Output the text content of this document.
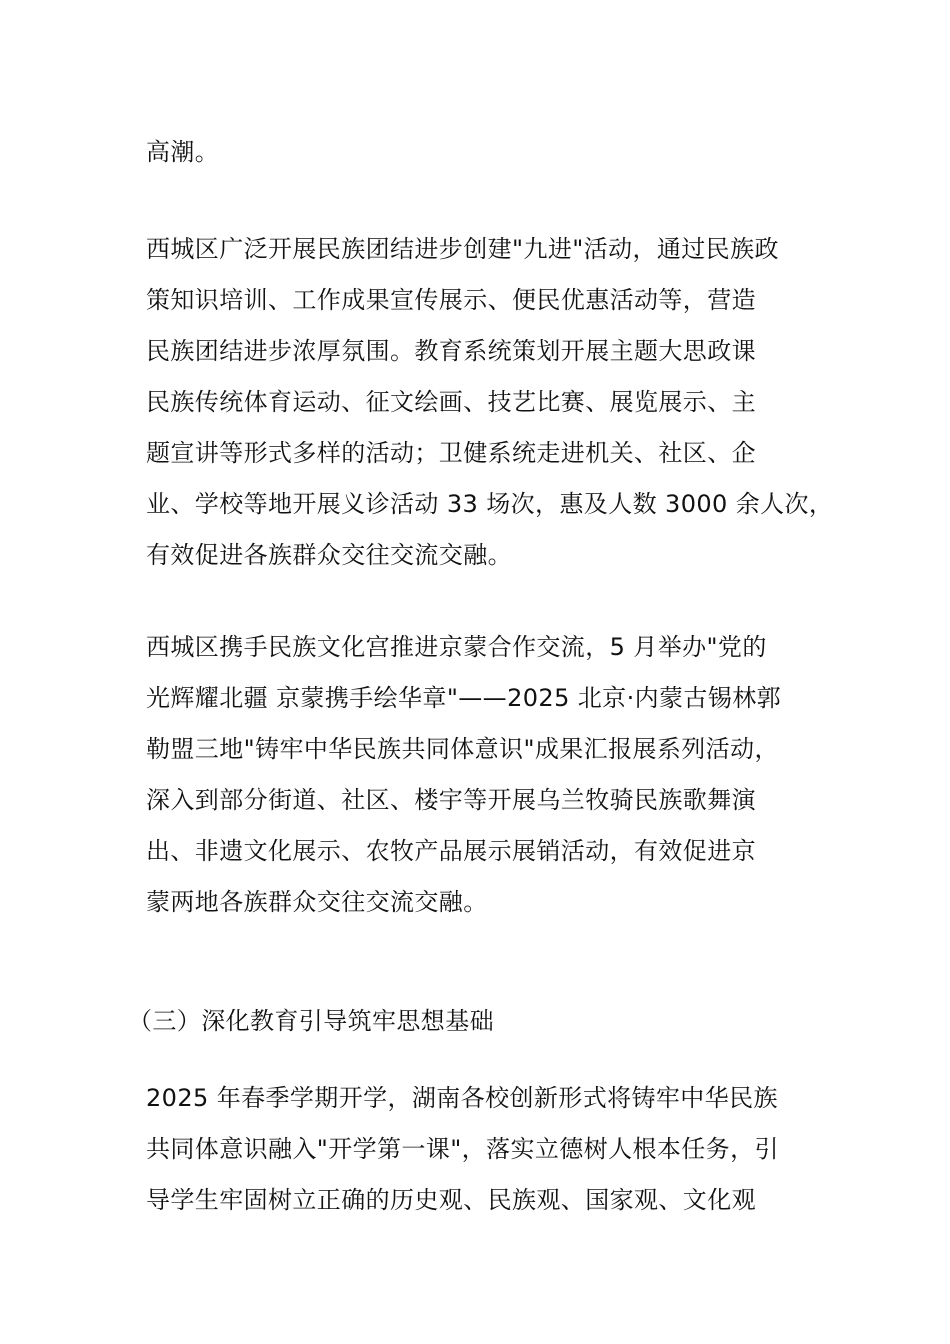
高潮。
西城区广泛开展民族团结进步创建"九进"活动，通过民族政
策知识培训、工作成果宣传展示、便民优惠活动等，营造
民族团结进步浓厚氛围。教育系统策划开展主题大思政课
民族传统体育运动、征文绘画、技艺比赛、展览展示、主
题宣讲等形式多样的活动；卫健系统走进机关、社区、企
业、学校等地开展义诊活动 33 场次，惠及人数 3000 余人次，
有效促进各族群众交往交流交融。
西城区携手民族文化宫推进京蒙合作交流，5 月举办"党的
光辉耀北疆 京蒙携手绘华章"——2025 北京·内蒙古锡林郭
勒盟三地"铸牢中华民族共同体意识"成果汇报展系列活动，
深入到部分街道、社区、楼宇等开展乌兰牧骑民族歌舞演
出、非遗文化展示、农牧产品展示展销活动，有效促进京
蒙两地各族群众交往交流交融。
（三）深化教育引导筑牢思想基础
2025 年春季学期开学，湖南各校创新形式将铸牢中华民族
共同体意识融入"开学第一课"，落实立德树人根本任务，引
导学生牢固树立正确的历史观、民族观、国家观、文化观
